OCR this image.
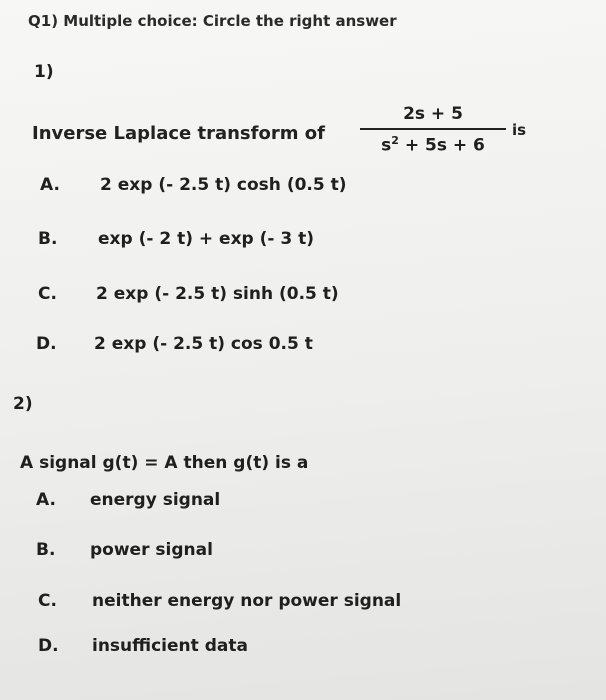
Q1) Multiple choice: Circle the right answer
1)
Inverse Laplace transform of
2s + 5
$s^2 + 5s + 6$
is
A. 2 exp (- 2.5 t) cosh (0.5 t)
B. exp (- 2 t) + exp (- 3 t)
C. 2 exp (- 2.5 t) sinh (0.5 t)
D. 2 exp (- 2.5 t) cos 0.5 t
2)
A signal g(t) = A then g(t) is a
A. energy signal
B. power signal
C. neither energy nor power signal
D. insufficient data
